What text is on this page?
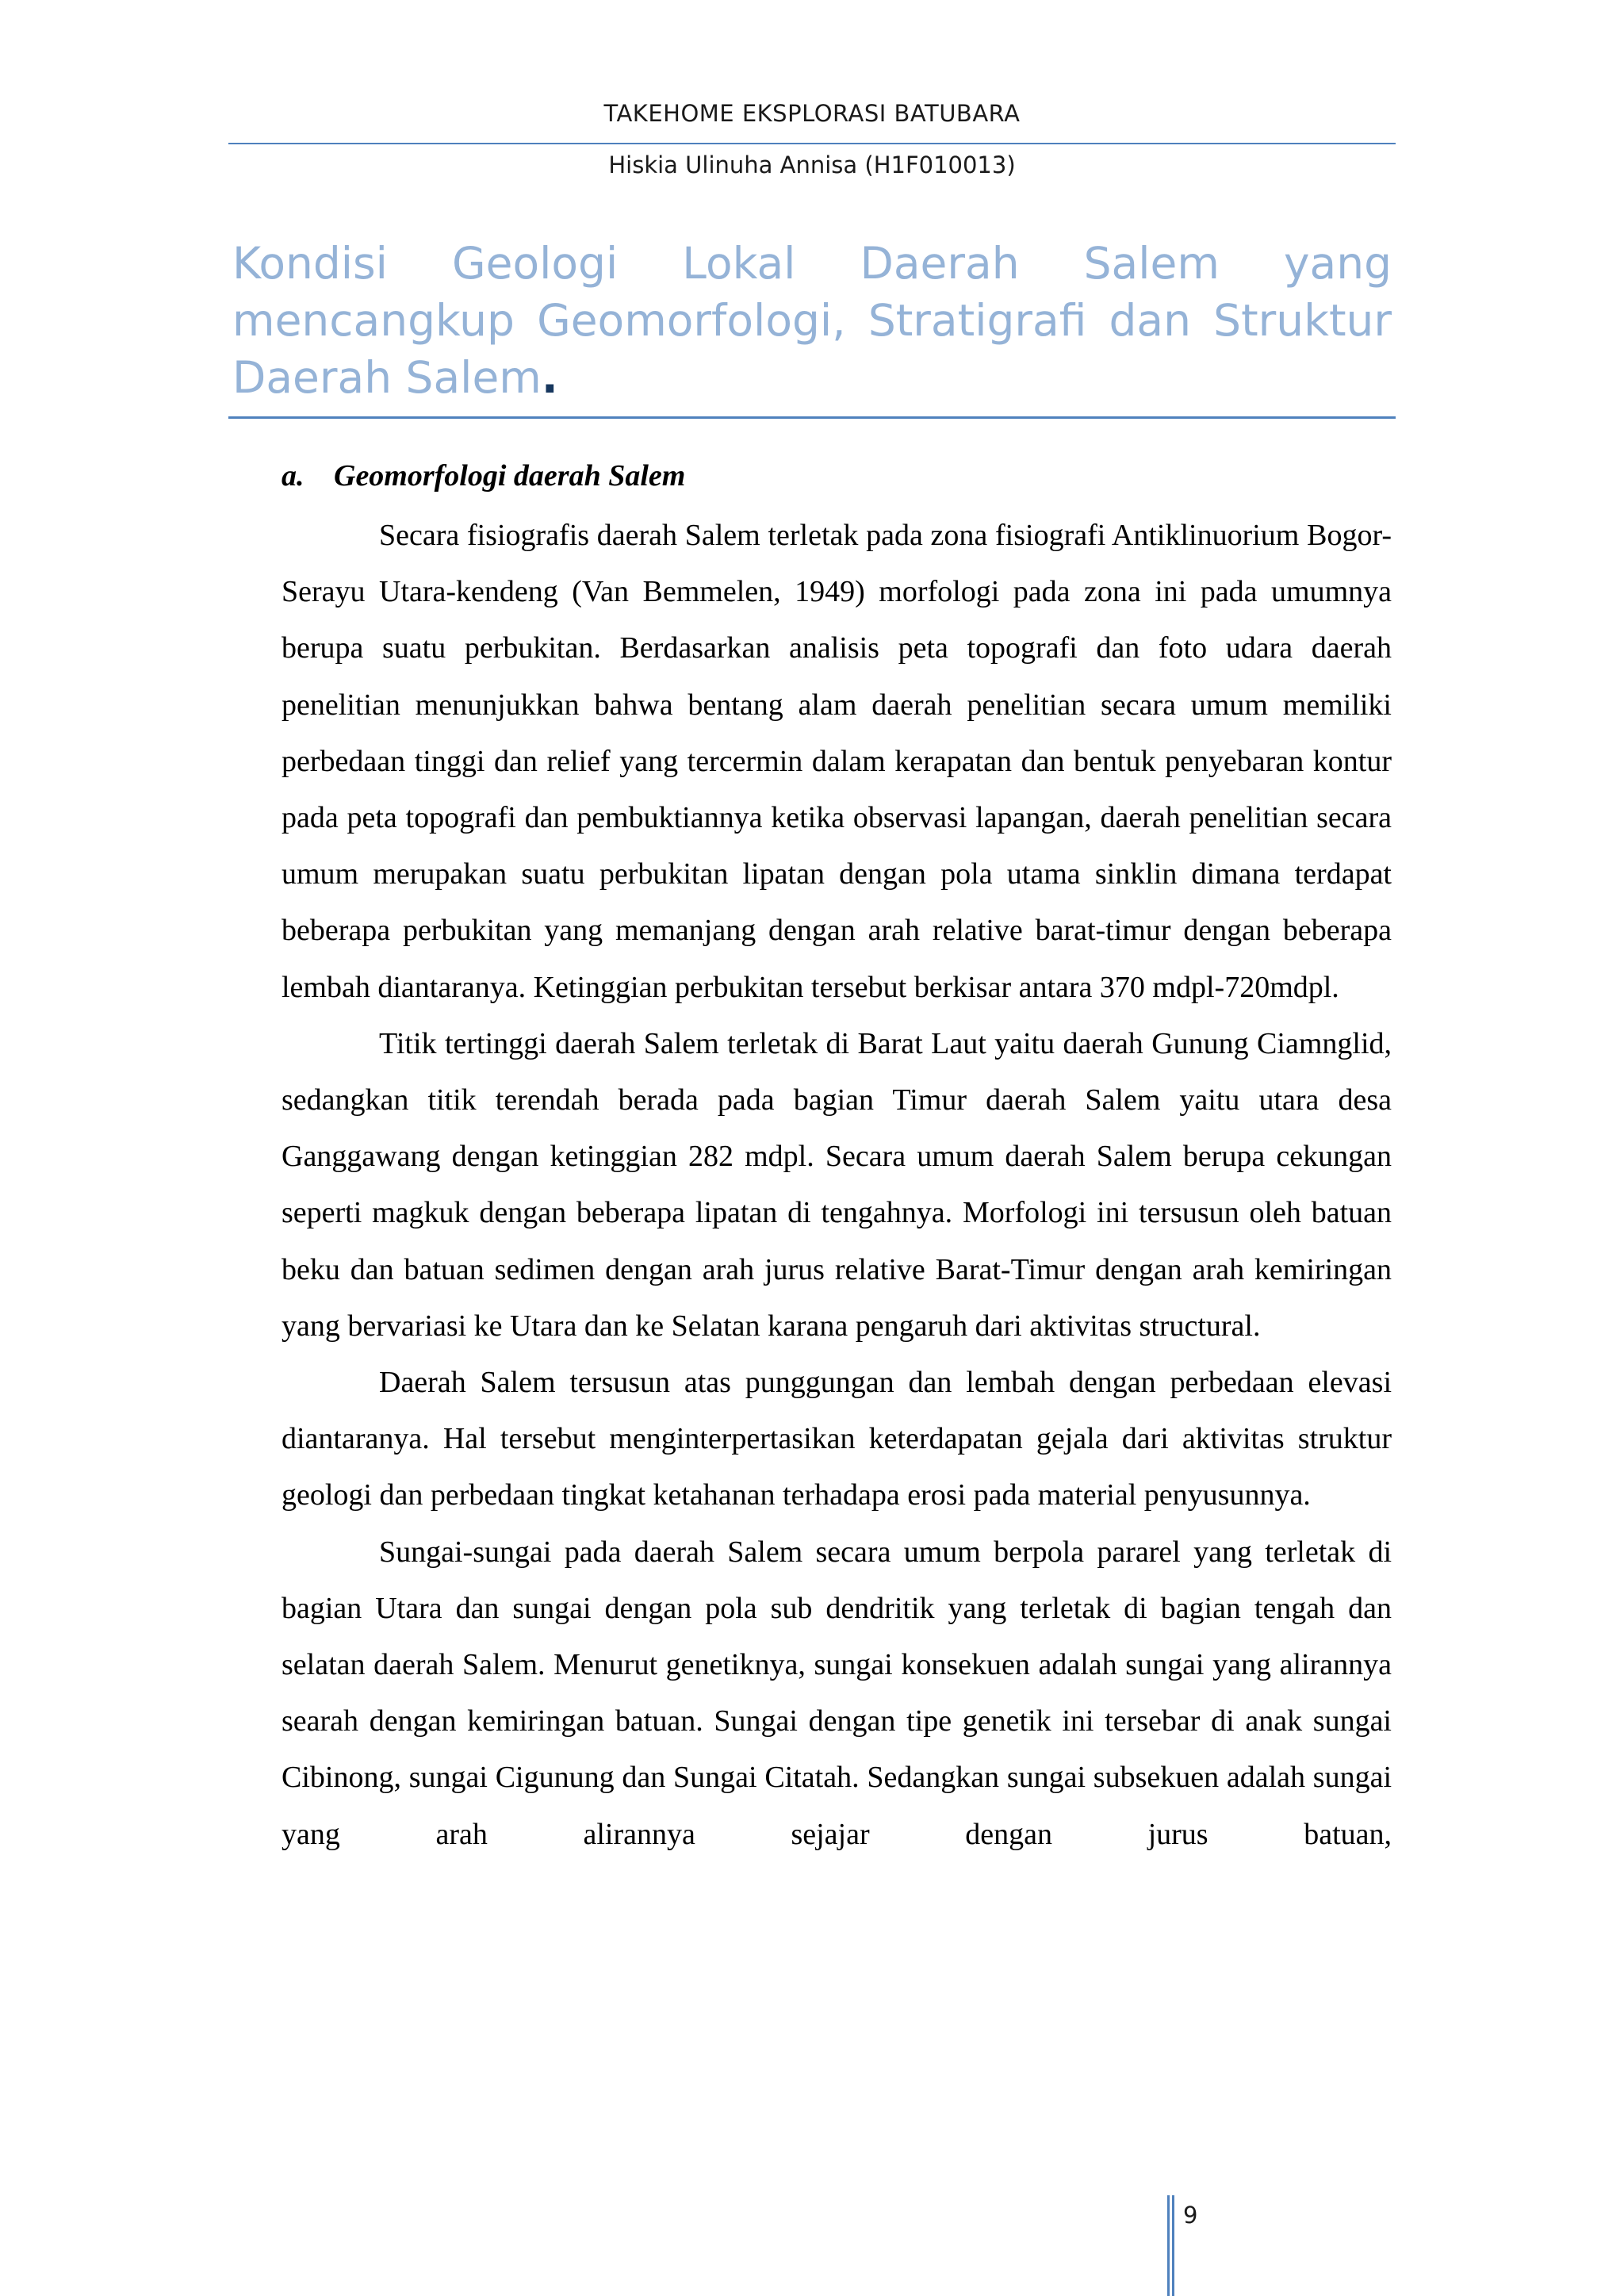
TAKEHOME EKSPLORASI BATUBARA
Hiskia Ulinuha Annisa (H1F010013)
Kondisi Geologi Lokal Daerah Salem yang mencangkup Geomorfologi, Stratigrafi dan Struktur Daerah Salem.
a. Geomorfologi daerah Salem

Secara fisiografis daerah Salem terletak pada zona fisiografi Antiklinuorium Bogor-Serayu Utara-kendeng (Van Bemmelen, 1949) morfologi pada zona ini pada umumnya berupa suatu perbukitan. Berdasarkan analisis peta topografi dan foto udara daerah penelitian menunjukkan bahwa bentang alam daerah penelitian secara umum memiliki perbedaan tinggi dan relief yang tercermin dalam kerapatan dan bentuk penyebaran kontur pada peta topografi dan pembuktiannya ketika observasi lapangan, daerah penelitian secara umum merupakan suatu perbukitan lipatan dengan pola utama sinklin dimana terdapat beberapa perbukitan yang memanjang dengan arah relative barat-timur dengan beberapa lembah diantaranya. Ketinggian perbukitan tersebut berkisar antara 370 mdpl-720mdpl.

Titik tertinggi daerah Salem terletak di Barat Laut yaitu daerah Gunung Ciamnglid, sedangkan titik terendah berada pada bagian Timur daerah Salem yaitu utara desa Ganggawang dengan ketinggian 282 mdpl. Secara umum daerah Salem berupa cekungan seperti magkuk dengan beberapa lipatan di tengahnya. Morfologi ini tersusun oleh batuan beku dan batuan sedimen dengan arah jurus relative Barat-Timur dengan arah kemiringan yang bervariasi ke Utara dan ke Selatan karana pengaruh dari aktivitas structural.

Daerah Salem tersusun atas punggungan dan lembah dengan perbedaan elevasi diantaranya. Hal tersebut menginterpertasikan keterdapatan gejala dari aktivitas struktur geologi dan perbedaan tingkat ketahanan terhadapa erosi pada material penyusunnya.

Sungai-sungai pada daerah Salem secara umum berpola pararel yang terletak di bagian Utara dan sungai dengan pola sub dendritik yang terletak di bagian tengah dan selatan daerah Salem. Menurut genetiknya, sungai konsekuen adalah sungai yang alirannya searah dengan kemiringan batuan. Sungai dengan tipe genetik ini tersebar di anak sungai Cibinong, sungai Cigunung dan Sungai Citatah. Sedangkan sungai subsekuen adalah sungai yang arah alirannya sejajar dengan jurus batuan,

9
